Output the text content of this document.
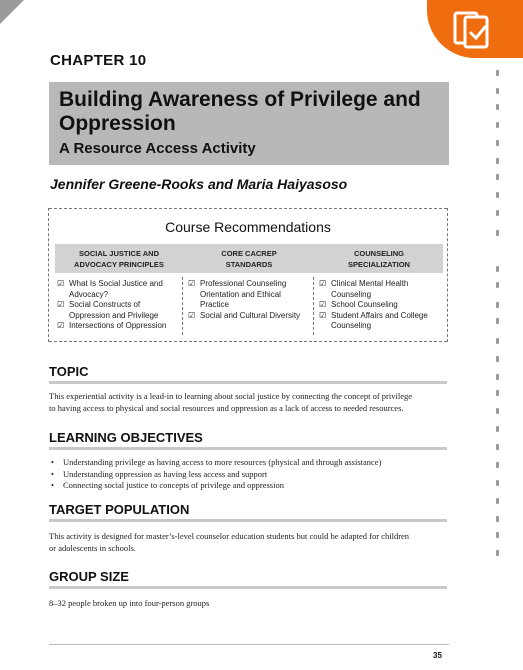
CHAPTER 10
Building Awareness of Privilege and Oppression
A Resource Access Activity
Jennifer Greene-Rooks and Maria Haiyasoso
Course Recommendations
SOCIAL JUSTICE AND
ADVOCACY PRINCIPLES
CORE CACREP
STANDARDS
COUNSELING
SPECIALIZATION
☑ What Is Social Justice and
Advocacy?
☑ Social Constructs of
Oppression and Privilege
☑ Intersections of Oppression
☑ Professional Counseling
Orientation and Ethical
Practice
☑ Social and Cultural Diversity
☑ Clinical Mental Health
Counseling
☑ School Counseling
☑ Student Affairs and College
Counseling
TOPIC
This experiential activity is a lead-in to learning about social justice by connecting the concept of privilege
to having access to physical and social resources and oppression as a lack of access to needed resources.
LEARNING OBJECTIVES
• Understanding privilege as having access to more resources (physical and through assistance)
• Understanding oppression as having less access and support
• Connecting social justice to concepts of privilege and oppression
TARGET POPULATION
This activity is designed for master’s-level counselor education students but could be adapted for children
or adolescents in schools.
GROUP SIZE
8–32 people broken up into four-person groups
35
